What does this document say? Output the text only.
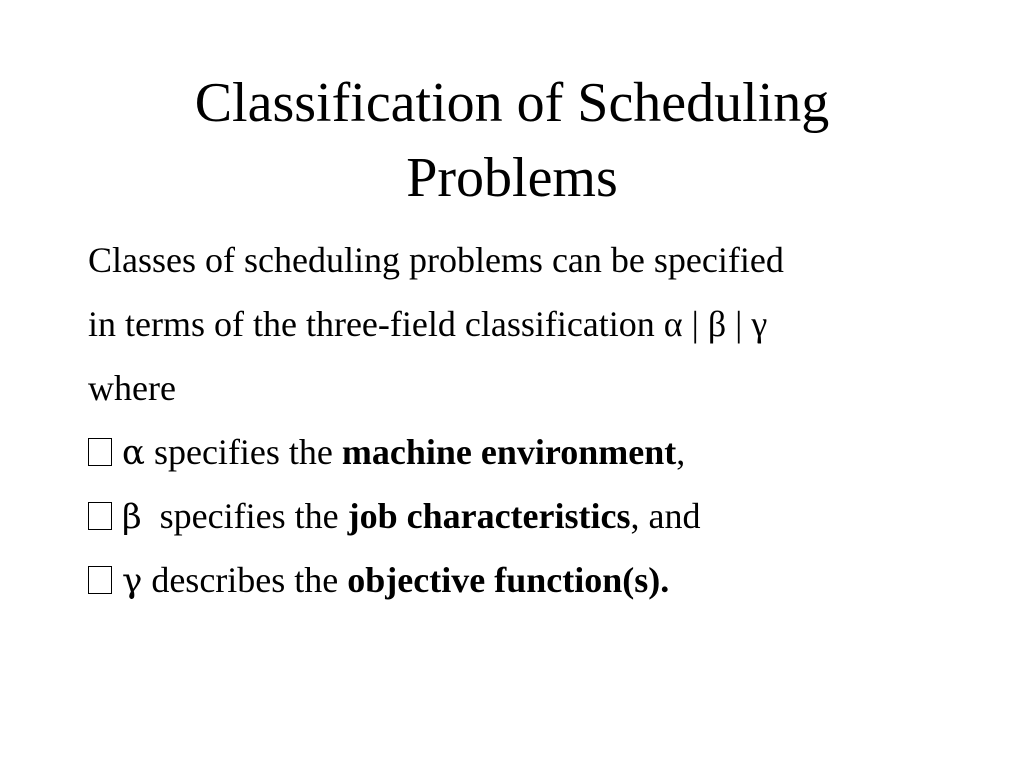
Classification of Scheduling
Problems
Classes of scheduling problems can be specified
in terms of the three-field classification α | β | γ
where
α specifies the machine environment,
β  specifies the job characteristics, and
γ describes the objective function(s).
